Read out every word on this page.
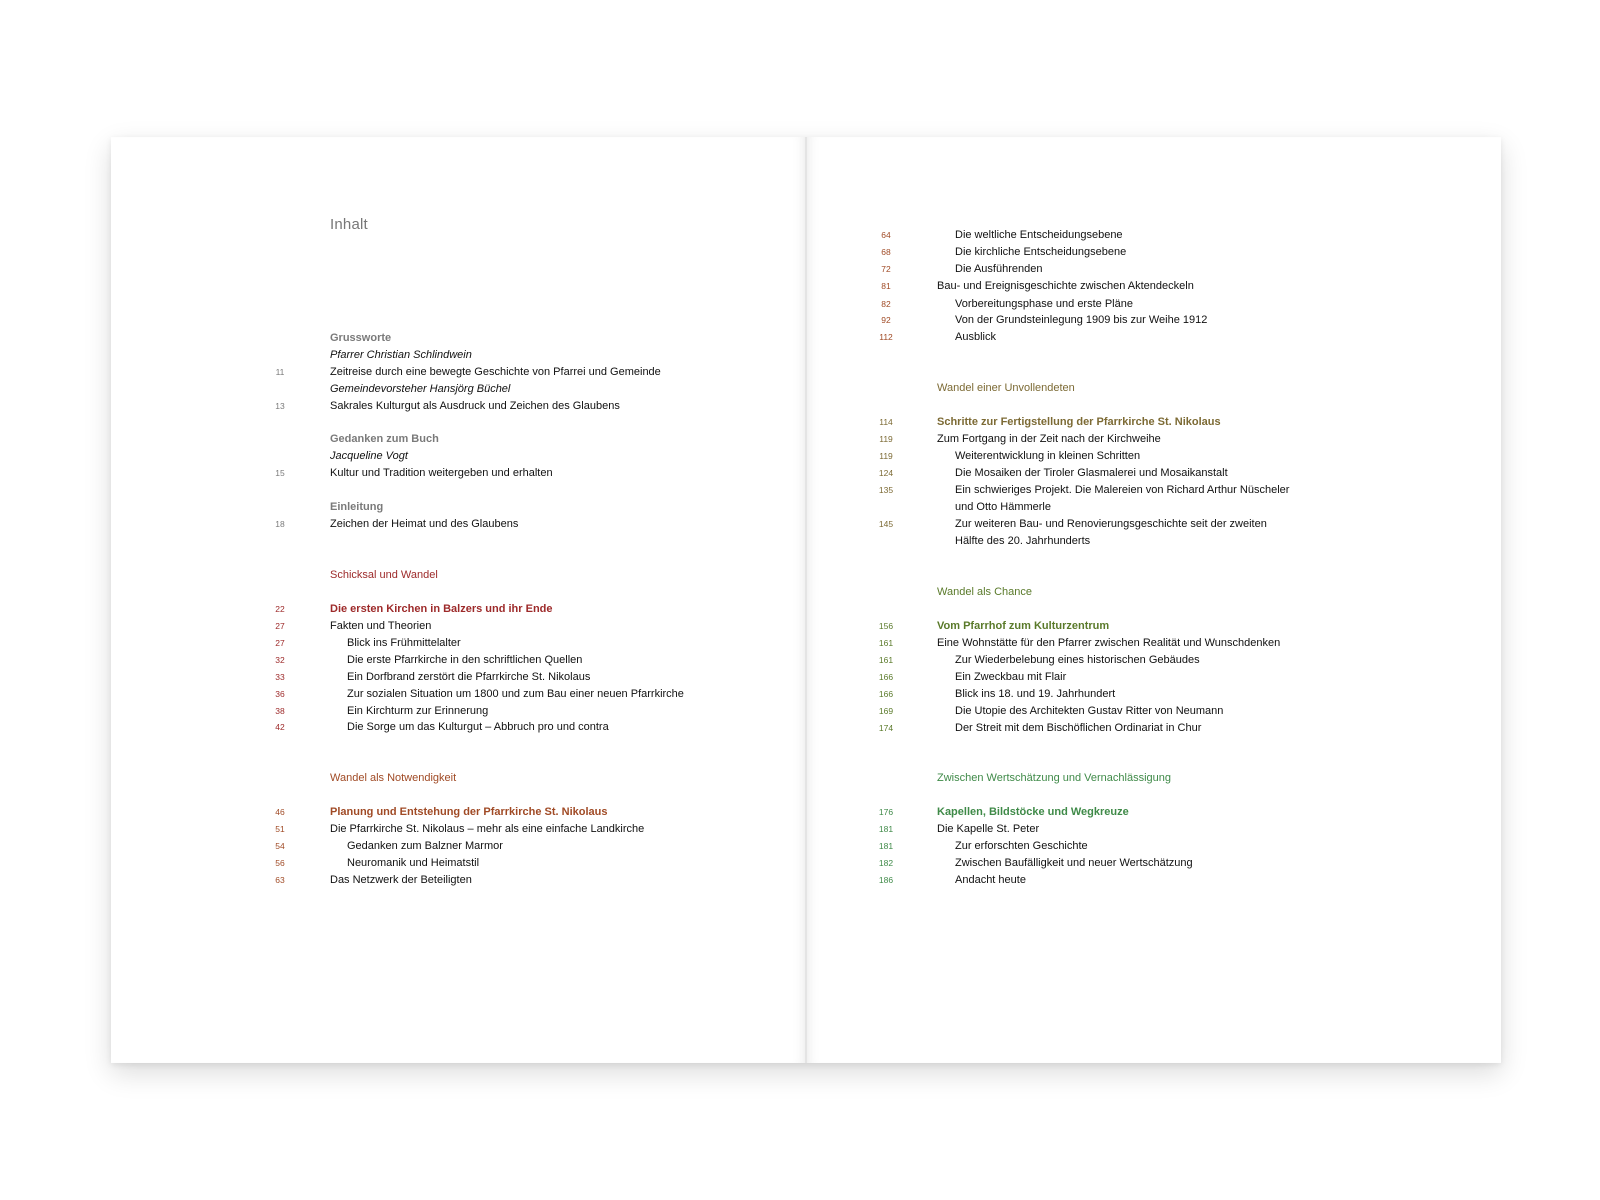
Inhalt
Grussworte
Pfarrer Christian Schlindwein
11	Zeitreise durch eine bewegte Geschichte von Pfarrei und Gemeinde
Gemeindevorsteher Hansjörg Büchel
13	Sakrales Kulturgut als Ausdruck und Zeichen des Glaubens
Gedanken zum Buch
Jacqueline Vogt
15	Kultur und Tradition weitergeben und erhalten
Einleitung
18	Zeichen der Heimat und des Glaubens
Schicksal und Wandel
22	Die ersten Kirchen in Balzers und ihr Ende
27	Fakten und Theorien
27	Blick ins Frühmittelalter
32	Die erste Pfarrkirche in den schriftlichen Quellen
33	Ein Dorfbrand zerstört die Pfarrkirche St. Nikolaus
36	Zur sozialen Situation um 1800 und zum Bau einer neuen Pfarrkirche
38	Ein Kirchturm zur Erinnerung
42	Die Sorge um das Kulturgut – Abbruch pro und contra
Wandel als Notwendigkeit
46	Planung und Entstehung der Pfarrkirche St. Nikolaus
51	Die Pfarrkirche St. Nikolaus – mehr als eine einfache Landkirche
54	Gedanken zum Balzner Marmor
56	Neuromanik und Heimatstil
63	Das Netzwerk der Beteiligten
64	Die weltliche Entscheidungsebene
68	Die kirchliche Entscheidungsebene
72	Die Ausführenden
81	Bau- und Ereignisgeschichte zwischen Aktendeckeln
82	Vorbereitungsphase und erste Pläne
92	Von der Grundsteinlegung 1909 bis zur Weihe 1912
112	Ausblick
Wandel einer Unvollendeten
114	Schritte zur Fertigstellung der Pfarrkirche St. Nikolaus
119	Zum Fortgang in der Zeit nach der Kirchweihe
119	Weiterentwicklung in kleinen Schritten
124	Die Mosaiken der Tiroler Glasmalerei und Mosaikanstalt
135	Ein schwieriges Projekt. Die Malereien von Richard Arthur Nüscheler
und Otto Hämmerle
145	Zur weiteren Bau- und Renovierungsgeschichte seit der zweiten
Hälfte des 20. Jahrhunderts
Wandel als Chance
156	Vom Pfarrhof zum Kulturzentrum
161	Eine Wohnstätte für den Pfarrer zwischen Realität und Wunschdenken
161	Zur Wiederbelebung eines historischen Gebäudes
166	Ein Zweckbau mit Flair
166	Blick ins 18. und 19. Jahrhundert
169	Die Utopie des Architekten Gustav Ritter von Neumann
174	Der Streit mit dem Bischöflichen Ordinariat in Chur
Zwischen Wertschätzung und Vernachlässigung
176	Kapellen, Bildstöcke und Wegkreuze
181	Die Kapelle St. Peter
181	Zur erforschten Geschichte
182	Zwischen Baufälligkeit und neuer Wertschätzung
186	Andacht heute
